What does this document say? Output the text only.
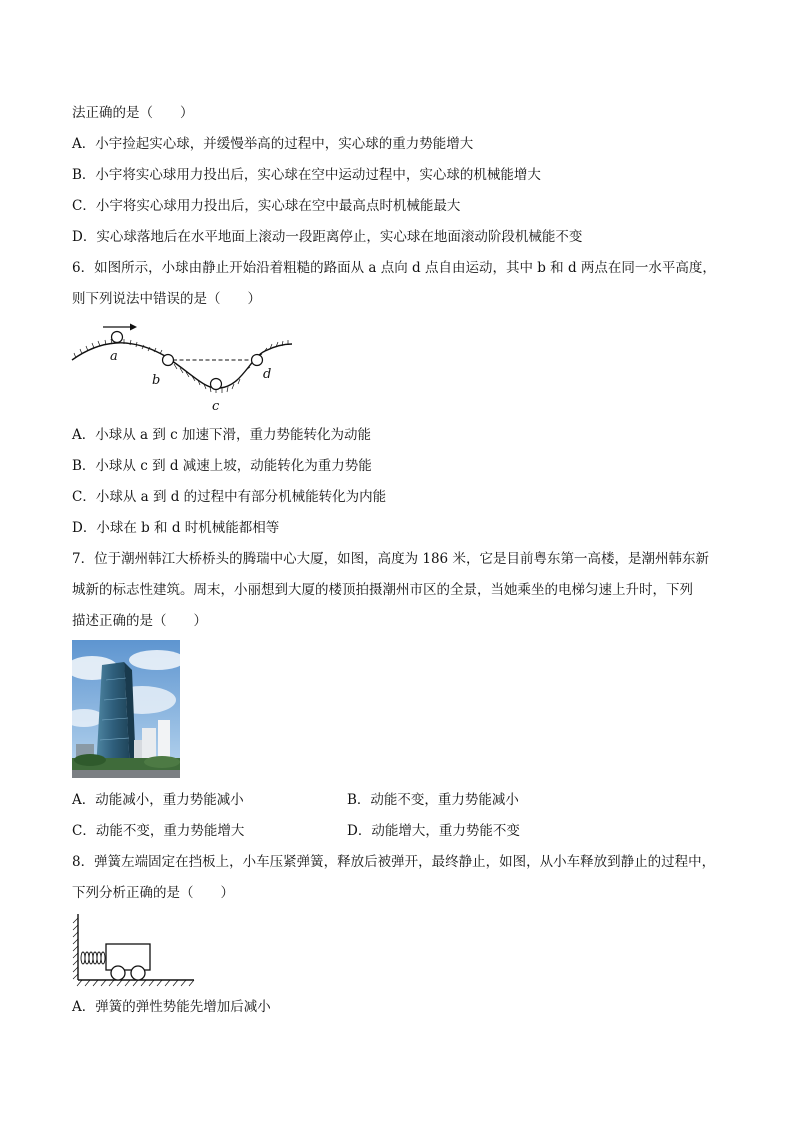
法正确的是（　　）
A．小宇捡起实心球，并缓慢举高的过程中，实心球的重力势能增大
B．小宇将实心球用力投出后，实心球在空中运动过程中，实心球的机械能增大
C．小宇将实心球用力投出后，实心球在空中最高点时机械能最大
D．实心球落地后在水平地面上滚动一段距离停止，实心球在地面滚动阶段机械能不变
6．如图所示，小球由静止开始沿着粗糙的路面从 a 点向 d 点自由运动，其中 b 和 d 两点在同一水平高度，
则下列说法中错误的是（　　）
a
b
c
d
A．小球从 a 到 c 加速下滑，重力势能转化为动能
B．小球从 c 到 d 减速上坡，动能转化为重力势能
C．小球从 a 到 d 的过程中有部分机械能转化为内能
D．小球在 b 和 d 时机械能都相等
7．位于潮州韩江大桥桥头的腾瑞中心大厦，如图，高度为 186 米，它是目前粤东第一高楼，是潮州韩东新
城新的标志性建筑。周末，小丽想到大厦的楼顶拍摄潮州市区的全景，当她乘坐的电梯匀速上升时，下列
描述正确的是（　　）
A．动能减小，重力势能减小	B．动能不变，重力势能减小
C．动能不变，重力势能增大	D．动能增大，重力势能不变
8．弹簧左端固定在挡板上，小车压紧弹簧，释放后被弹开，最终静止，如图，从小车释放到静止的过程中，
下列分析正确的是（　　）
A．弹簧的弹性势能先增加后减小
